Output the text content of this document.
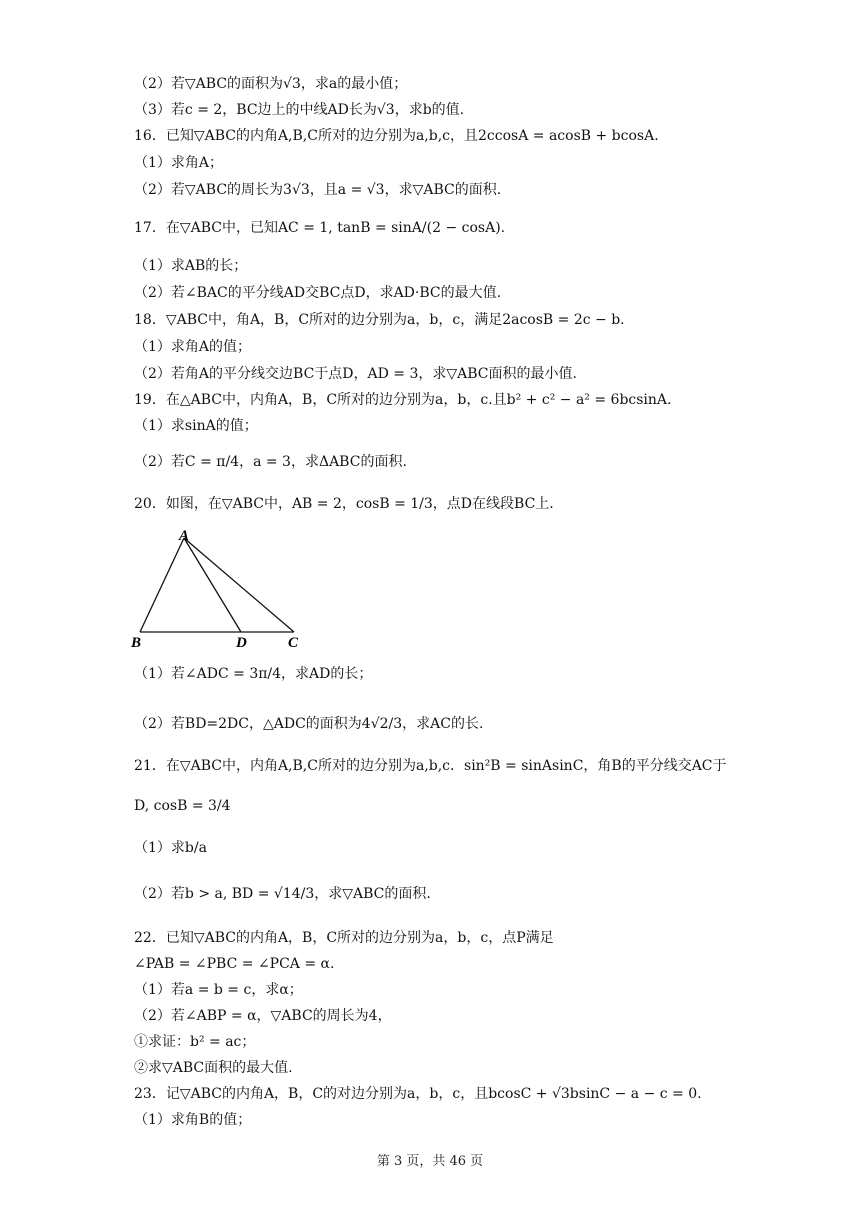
（2）若▽ABC的面积为√3，求a的最小值；
（3）若c = 2，BC边上的中线AD长为√3，求b的值.
16．已知▽ABC的内角A,B,C所对的边分别为a,b,c，且2ccosA = acosB + bcosA.
（1）求角A；
（2）若▽ABC的周长为3√3，且a = √3，求▽ABC的面积.
17．在▽ABC中，已知AC = 1, tanB = sinA/(2 − cosA).
（1）求AB的长；
（2）若∠BAC的平分线AD交BC点D，求AD·BC的最大值.
18．▽ABC中，角A，B，C所对的边分别为a，b，c，满足2acosB = 2c − b.
（1）求角A的值；
（2）若角A的平分线交边BC于点D，AD = 3，求▽ABC面积的最小值.
19．在△ABC中，内角A，B，C所对的边分别为a，b，c.且b² + c² − a² = 6bcsinA.
（1）求sinA的值；
（2）若C = π/4，a = 3，求ΔABC的面积.
20．如图，在▽ABC中，AB = 2，cosB = 1/3，点D在线段BC上.
（1）若∠ADC = 3π/4，求AD的长；
（2）若BD=2DC，△ADC的面积为4√2/3，求AC的长.
21．在▽ABC中，内角A,B,C所对的边分别为a,b,c．sin²B = sinAsinC，角B的平分线交AC于
D, cosB = 3/4
（1）求b/a
（2）若b > a, BD = √14/3，求▽ABC的面积.
22．已知▽ABC的内角A，B，C所对的边分别为a，b，c，点P满足
∠PAB = ∠PBC = ∠PCA = α.
（1）若a = b = c，求α；
（2）若∠ABP = α，▽ABC的周长为4，
①求证：b² = ac；
②求▽ABC面积的最大值.
23．记▽ABC的内角A，B，C的对边分别为a，b，c，且bcosC + √3bsinC − a − c = 0.
（1）求角B的值；
A
B	D	C
第 3 页，共 46 页
